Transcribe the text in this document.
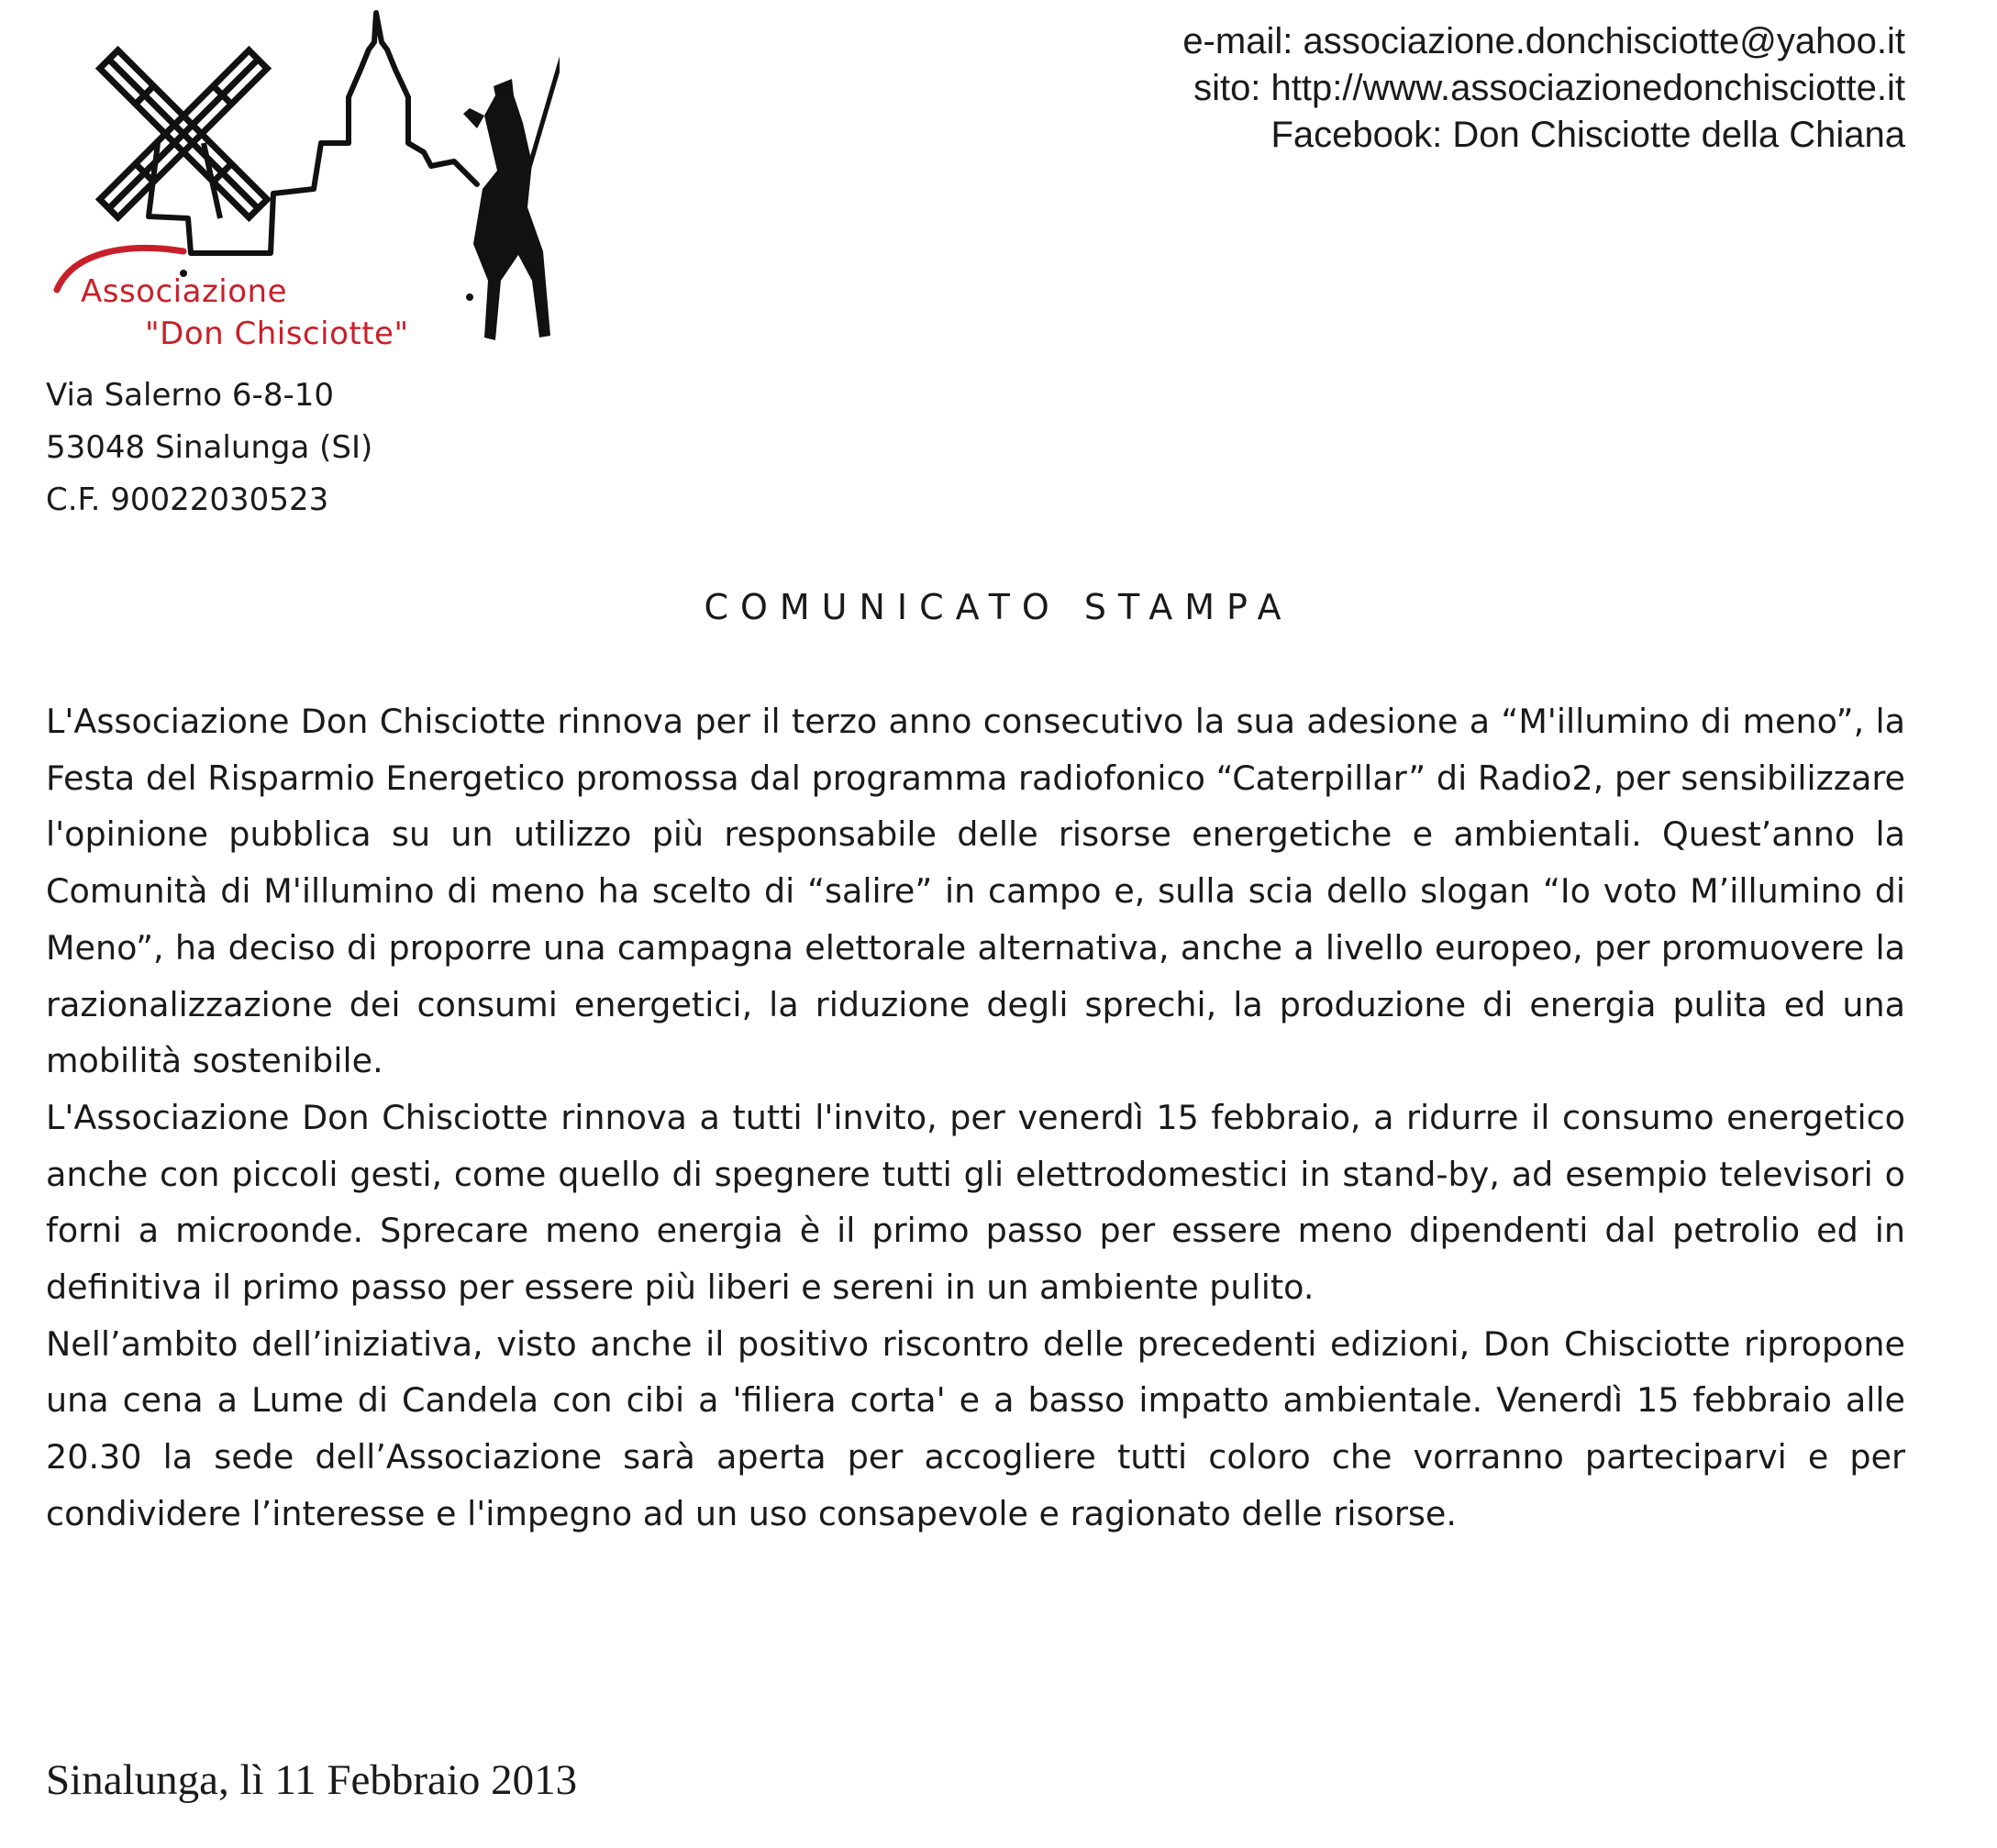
Associazione
"Don Chisciotte"
e-mail: associazione.donchisciotte@yahoo.it
sito: http://www.associazionedonchisciotte.it
Facebook: Don Chisciotte della Chiana
Via Salerno 6-8-10
53048 Sinalunga (SI)
C.F. 90022030523
COMUNICATO STAMPA

L'Associazione Don Chisciotte rinnova per il terzo anno consecutivo la sua adesione a “M'illumino di meno”, la Festa del Risparmio Energetico promossa dal programma radiofonico “Caterpillar” di Radio2, per sensibilizzare l'opinione pubblica su un utilizzo più responsabile delle risorse energetiche e ambientali. Quest’anno la Comunità di M'illumino di meno ha scelto di “salire” in campo e, sulla scia dello slogan “Io voto M’illumino di Meno”, ha deciso di proporre una campagna elettorale alternativa, anche a livello europeo, per promuovere la razionalizzazione dei consumi energetici, la riduzione degli sprechi, la produzione di energia pulita ed una mobilità sostenibile.

L'Associazione Don Chisciotte rinnova a tutti l'invito, per venerdì 15 febbraio, a ridurre il consumo energetico anche con piccoli gesti, come quello di spegnere tutti gli elettrodomestici in stand-by, ad esempio televisori o forni a microonde. Sprecare meno energia è il primo passo per essere meno dipendenti dal petrolio ed in definitiva il primo passo per essere più liberi e sereni in un ambiente pulito.

Nell’ambito dell’iniziativa, visto anche il positivo riscontro delle precedenti edizioni, Don Chisciotte ripropone una cena a Lume di Candela con cibi a 'filiera corta' e a basso impatto ambientale. Venerdì 15 febbraio alle 20.30 la sede dell’Associazione sarà aperta per accogliere tutti coloro che vorranno parteciparvi e per condividere l’interesse e l'impegno ad un uso consapevole e ragionato delle risorse.

Sinalunga, lì 11 Febbraio 2013
